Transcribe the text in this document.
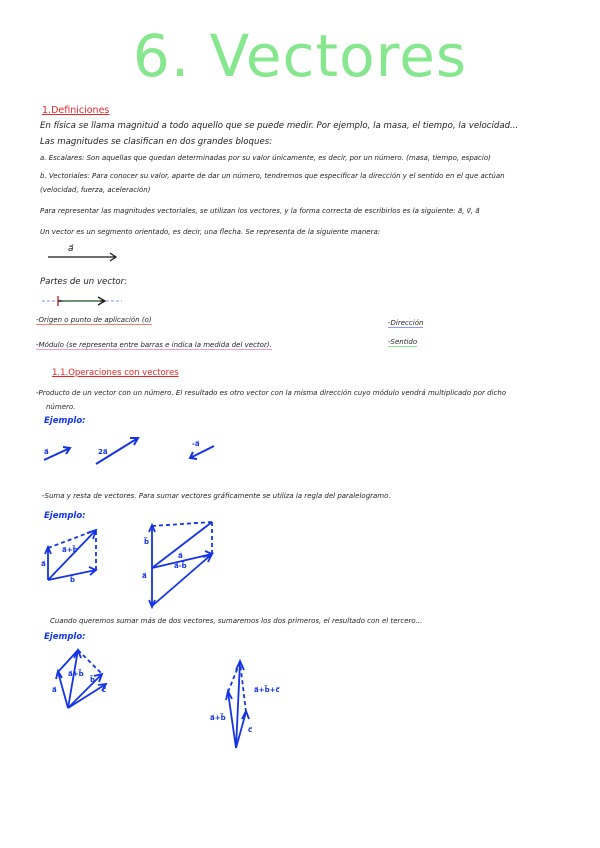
6. Vectores
1.Definiciones
En física se llama magnitud a todo aquello que se puede medir. Por ejemplo, la masa, el tiempo, la velocidad...
Las magnitudes se clasifican en dos grandes bloques:
a. Escalares: Son aquellas que quedan determinadas por su valor únicamente, es decir, por un número. (masa, tiempo, espacio)
b. Vectoriales: Para conocer su valor, aparte de dar un número, tendremos que especificar la dirección y el sentido en el que actúan
(velocidad, fuerza, aceleración)
Para representar las magnitudes vectoriales, se utilizan los vectores, y la forma correcta de escribirlos es la siguiente: a⃗, v⃗, a⃗
Un vector es un segmento orientado, es decir, una flecha. Se representa de la siguiente manera:
a⃗
Partes de un vector:
-Origen o punto de aplicación (o)
-Módulo (se representa entre barras e indica la medida del vector).
-Dirección
-Sentido
1.1.Operaciones con vectores
-Producto de un vector con un número. El resultado es otro vector con la misma dirección cuyo módulo vendrá multiplicado por dicho
número.
Ejemplo:
a⃗	2a⃗
-a⃗
-Suma y resta de vectores. Para sumar vectores gráficamente se utiliza la regla del paralelogramo.
Ejemplo:
a⃗
b⃗
a⃗+b⃗
b⃗
a⃗
a⃗-b⃗
a⃗
Cuando queremos sumar más de dos vectores, sumaremos los dos primeros, el resultado con el tercero...
Ejemplo:
a⃗
a⃗+b⃗
b⃗
c⃗	a⃗+b⃗+c⃗
a⃗+b⃗
c⃗
